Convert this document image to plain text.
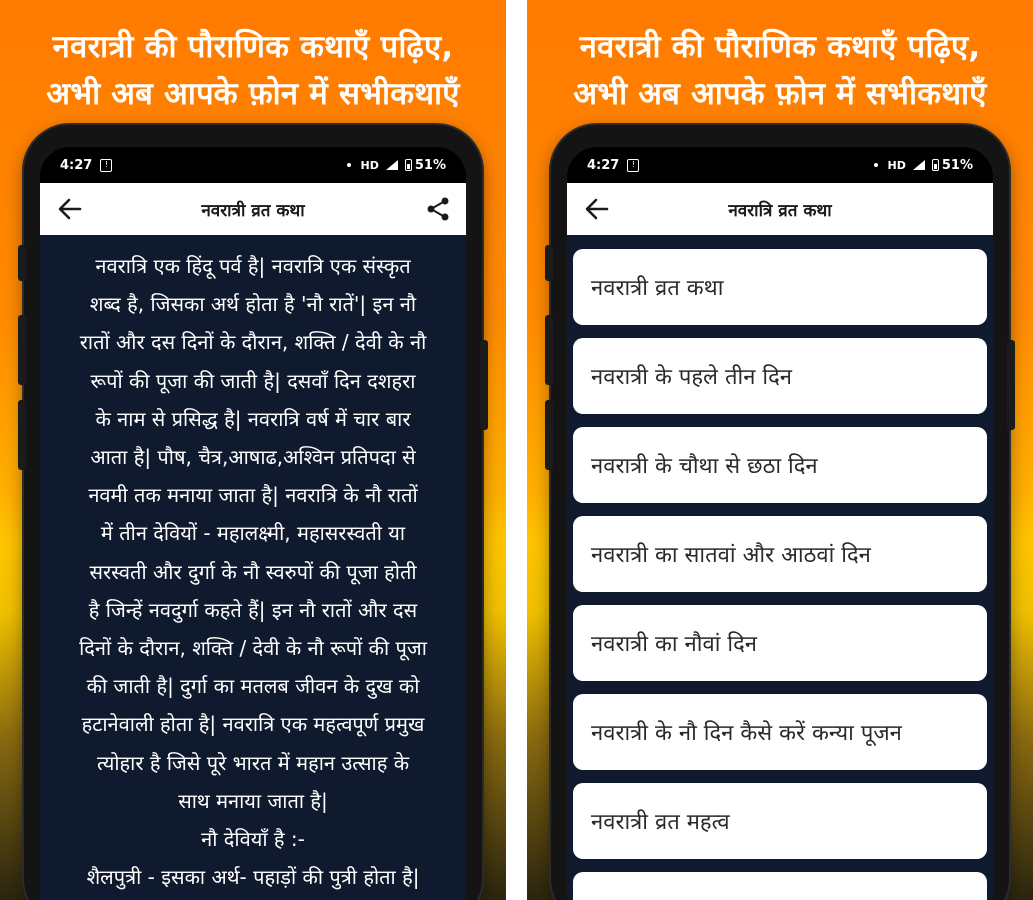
नवरात्री की पौराणिक कथाएँ पढ़िए,
अभी अब आपके फ़ोन में सभीकथाएँ
4:27	!	HD	51%
नवरात्री व्रत कथा
नवरात्रि एक हिंदू पर्व है| नवरात्रि एक संस्कृत
शब्द है, जिसका अर्थ होता है 'नौ रातें'| इन नौ
रातों और दस दिनों के दौरान, शक्ति / देवी के नौ
रूपों की पूजा की जाती है| दसवाँ दिन दशहरा
के नाम से प्रसिद्ध है| नवरात्रि वर्ष में चार बार
आता है| पौष, चैत्र,आषाढ,अश्विन प्रतिपदा से
नवमी तक मनाया जाता है| नवरात्रि के नौ रातों
में तीन देवियों - महालक्ष्मी, महासरस्वती या
सरस्वती और दुर्गा के नौ स्वरुपों की पूजा होती
है जिन्हें नवदुर्गा कहते हैं| इन नौ रातों और दस
दिनों के दौरान, शक्ति / देवी के नौ रूपों की पूजा
की जाती है| दुर्गा का मतलब जीवन के दुख को
हटानेवाली होता है| नवरात्रि एक महत्वपूर्ण प्रमुख
त्योहार है जिसे पूरे भारत में महान उत्साह के
साथ मनाया जाता है|
नौ देवियाँ है :-
शैलपुत्री - इसका अर्थ- पहाड़ों की पुत्री होता है|
नवरात्री की पौराणिक कथाएँ पढ़िए,
अभी अब आपके फ़ोन में सभीकथाएँ
4:27	!	HD	51%
नवरात्रि व्रत कथा
नवरात्री व्रत कथा
नवरात्री के पहले तीन दिन
नवरात्री के चौथा से छठा दिन
नवरात्री का सातवां और आठवां दिन
नवरात्री का नौवां दिन
नवरात्री के नौ दिन कैसे करें कन्या पूजन
नवरात्री व्रत महत्व
